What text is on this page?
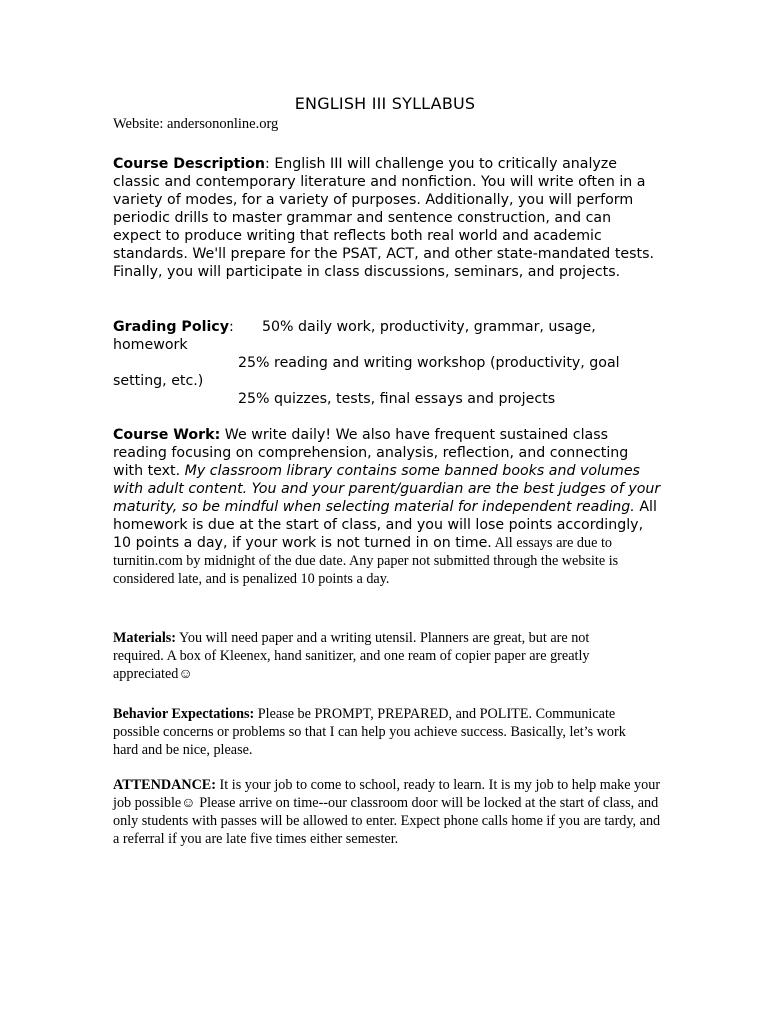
ENGLISH III SYLLABUS
Website: andersononline.org
Course Description: English III will challenge you to critically analyze classic and contemporary literature and nonfiction. You will write often in a variety of modes, for a variety of purposes. Additionally, you will perform periodic drills to master grammar and sentence construction, and can expect to produce writing that reflects both real world and academic standards. We'll prepare for the PSAT, ACT, and other state-mandated tests. Finally, you will participate in class discussions, seminars, and projects.
Grading Policy: 50% daily work, productivity, grammar, usage,
homework
25% reading and writing workshop (productivity, goal
setting, etc.)
25% quizzes, tests, final essays and projects
Course Work: We write daily! We also have frequent sustained class reading focusing on comprehension, analysis, reflection, and connecting with text. My classroom library contains some banned books and volumes with adult content. You and your parent/guardian are the best judges of your maturity, so be mindful when selecting material for independent reading. All homework is due at the start of class, and you will lose points accordingly, 10 points a day, if your work is not turned in on time. All essays are due to turnitin.com by midnight of the due date. Any paper not submitted through the website is considered late, and is penalized 10 points a day.
Materials: You will need paper and a writing utensil. Planners are great, but are not required. A box of Kleenex, hand sanitizer, and one ream of copier paper are greatly appreciated☺
Behavior Expectations: Please be PROMPT, PREPARED, and POLITE. Communicate possible concerns or problems so that I can help you achieve success. Basically, let’s work hard and be nice, please.
ATTENDANCE: It is your job to come to school, ready to learn. It is my job to help make your job possible☺ Please arrive on time--our classroom door will be locked at the start of class, and only students with passes will be allowed to enter. Expect phone calls home if you are tardy, and a referral if you are late five times either semester.
